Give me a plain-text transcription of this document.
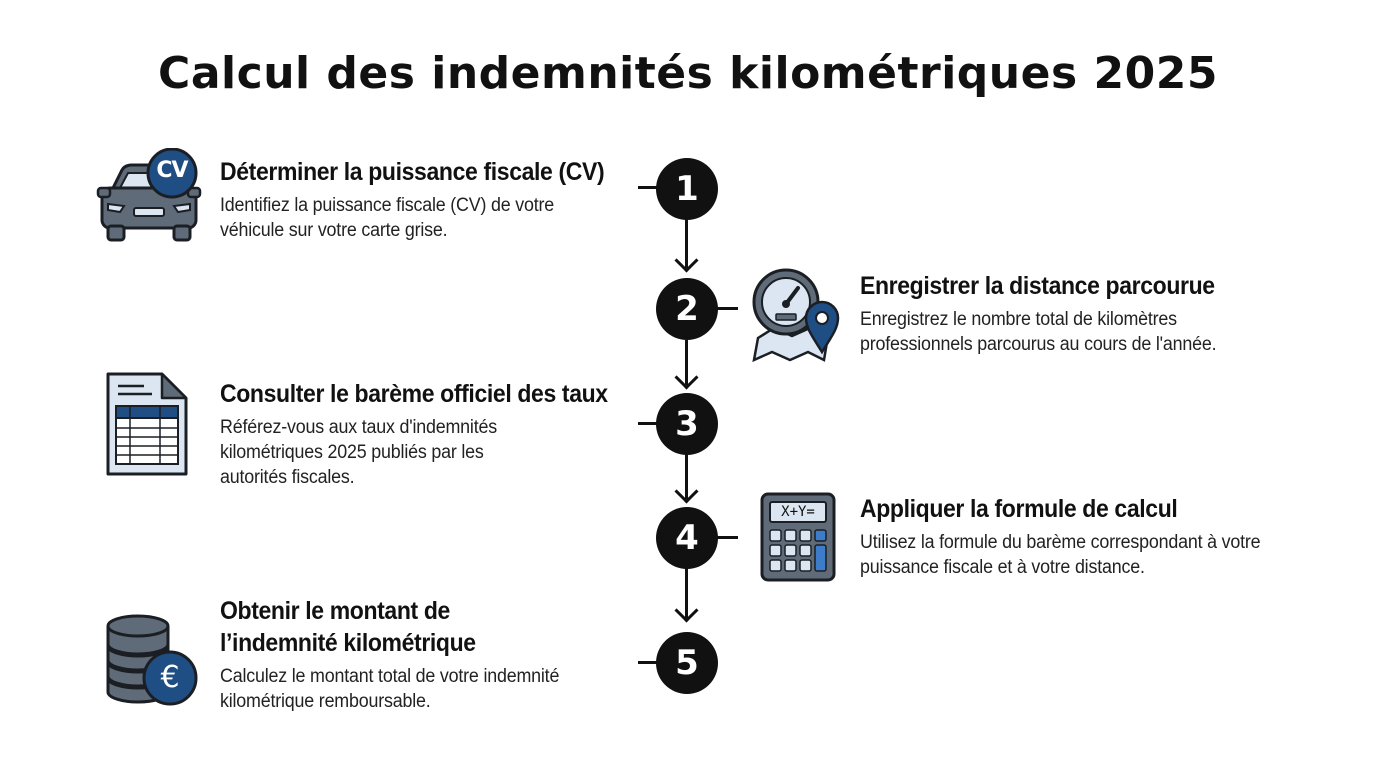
Calcul des indemnités kilométriques 2025
1
2
3
4
5
CV Déterminer la puissance fiscale (CV)

Identifiez la puissance fiscale (CV) de votre véhicule sur votre carte grise.

Enregistrer la distance parcourue

Enregistrez le nombre total de kilomètres professionnels parcourus au cours de l'année.

Consulter le barème officiel des taux

Référez-vous aux taux d'indemnités kilométriques 2025 publiés par les autorités fiscales.

X+Y=	Appliquer la formule de calcul

Utilisez la formule du barème correspondant à votre puissance fiscale et à votre distance.

€
Obtenir le montant de
l’indemnité kilométrique

Calculez le montant total de votre indemnité kilométrique remboursable.
